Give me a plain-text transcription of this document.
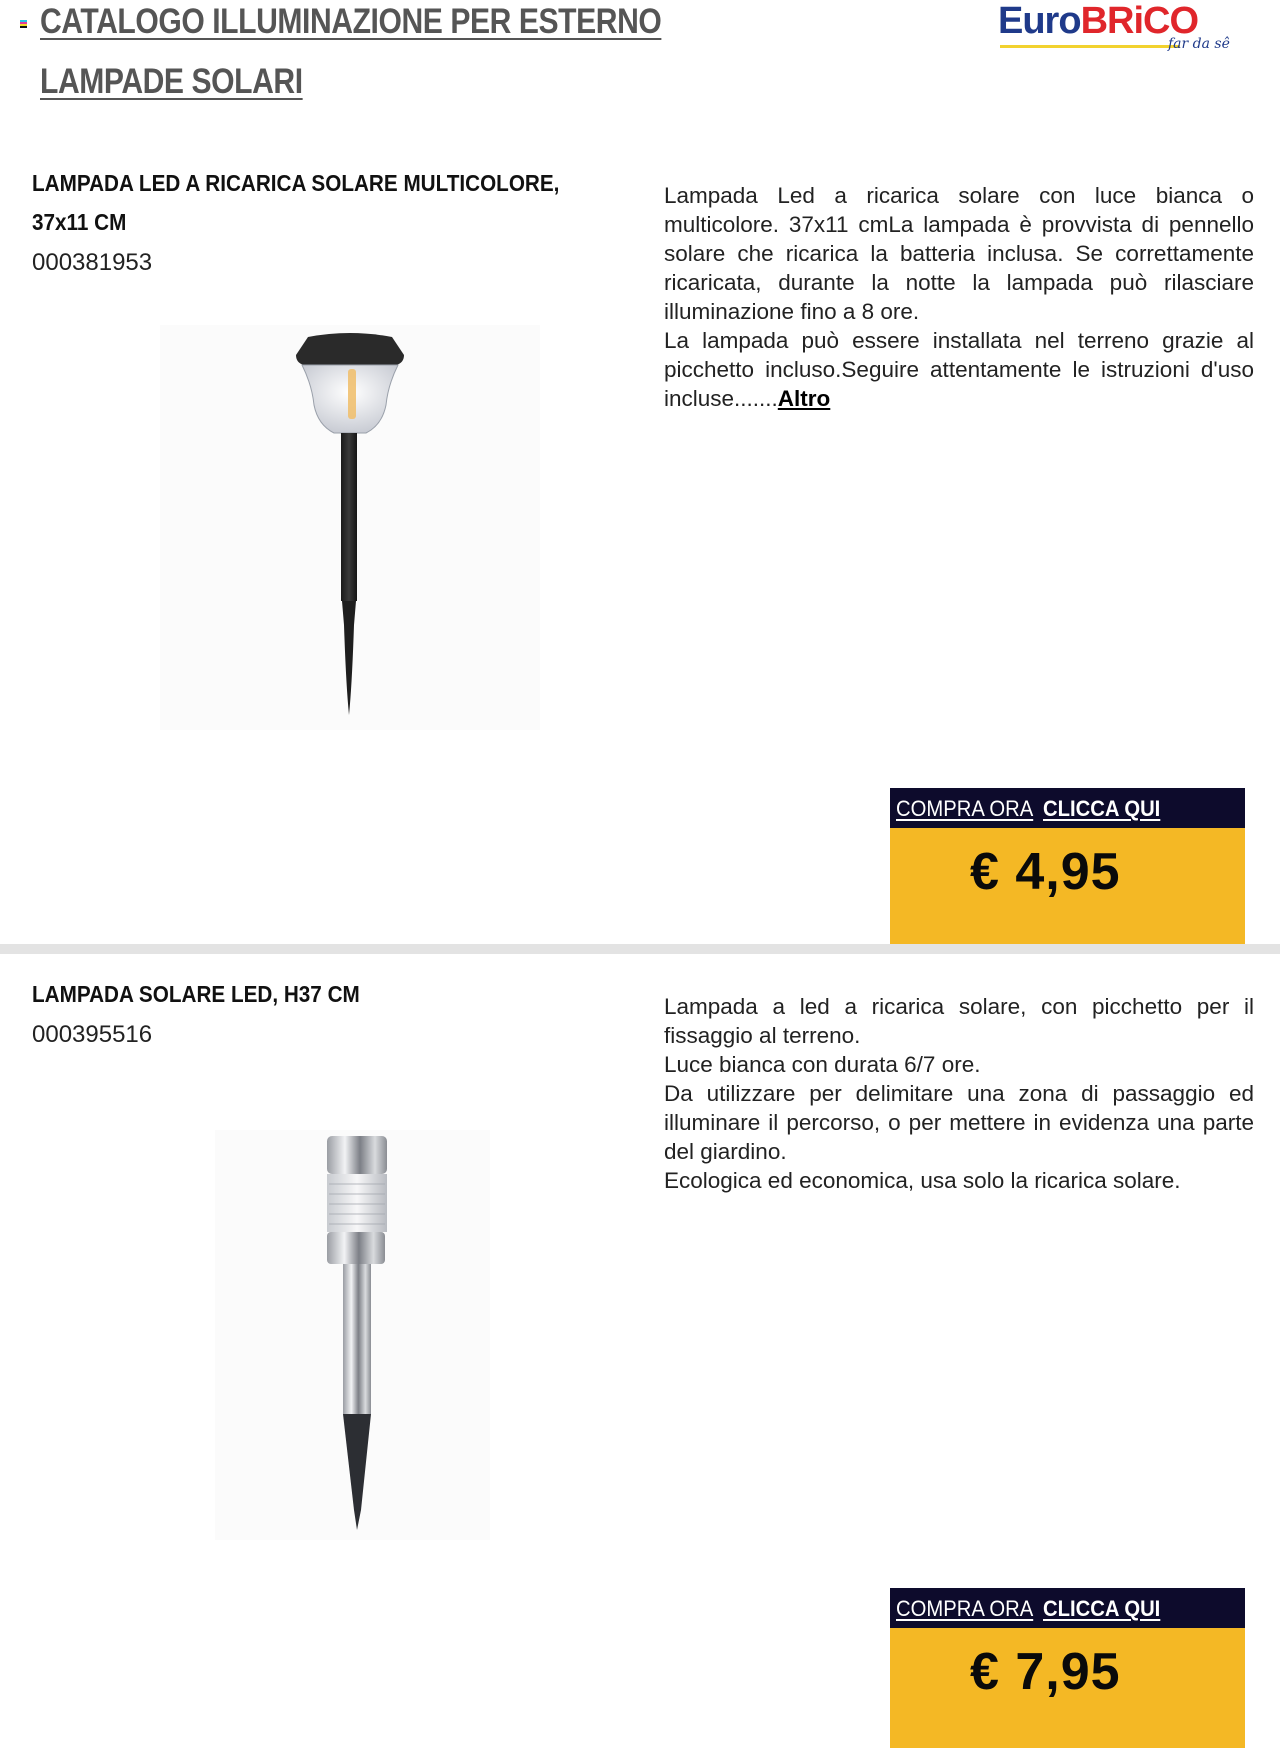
CATALOGO ILLUMINAZIONE PER ESTERNO
LAMPADE SOLARI
EuroBRiCO
far da sê
LAMPADA LED A RICARICA SOLARE MULTICOLORE,
37x11 CM
000381953

Lampada Led a ricarica solare con luce bianca o multicolore. 37x11 cmLa lampada è provvista di pennello solare che ricarica la batteria inclusa. Se correttamente ricaricata, durante la notte la lampada può rilasciare illuminazione fino a 8 ore.

La lampada può essere installata nel terreno grazie al picchetto incluso.Seguire attentamente le istruzioni d'uso incluse.......Altro

COMPRA ORA CLICCA QUI
€ 4,95
LAMPADA SOLARE LED, H37 CM
000395516

Lampada a led a ricarica solare, con picchetto per il fissaggio al terreno.

Luce bianca con durata 6/7 ore.

Da utilizzare per delimitare una zona di passaggio ed illuminare il percorso, o per mettere in evidenza una parte del giardino.

Ecologica ed economica, usa solo la ricarica solare.

COMPRA ORA CLICCA QUI
€ 7,95
